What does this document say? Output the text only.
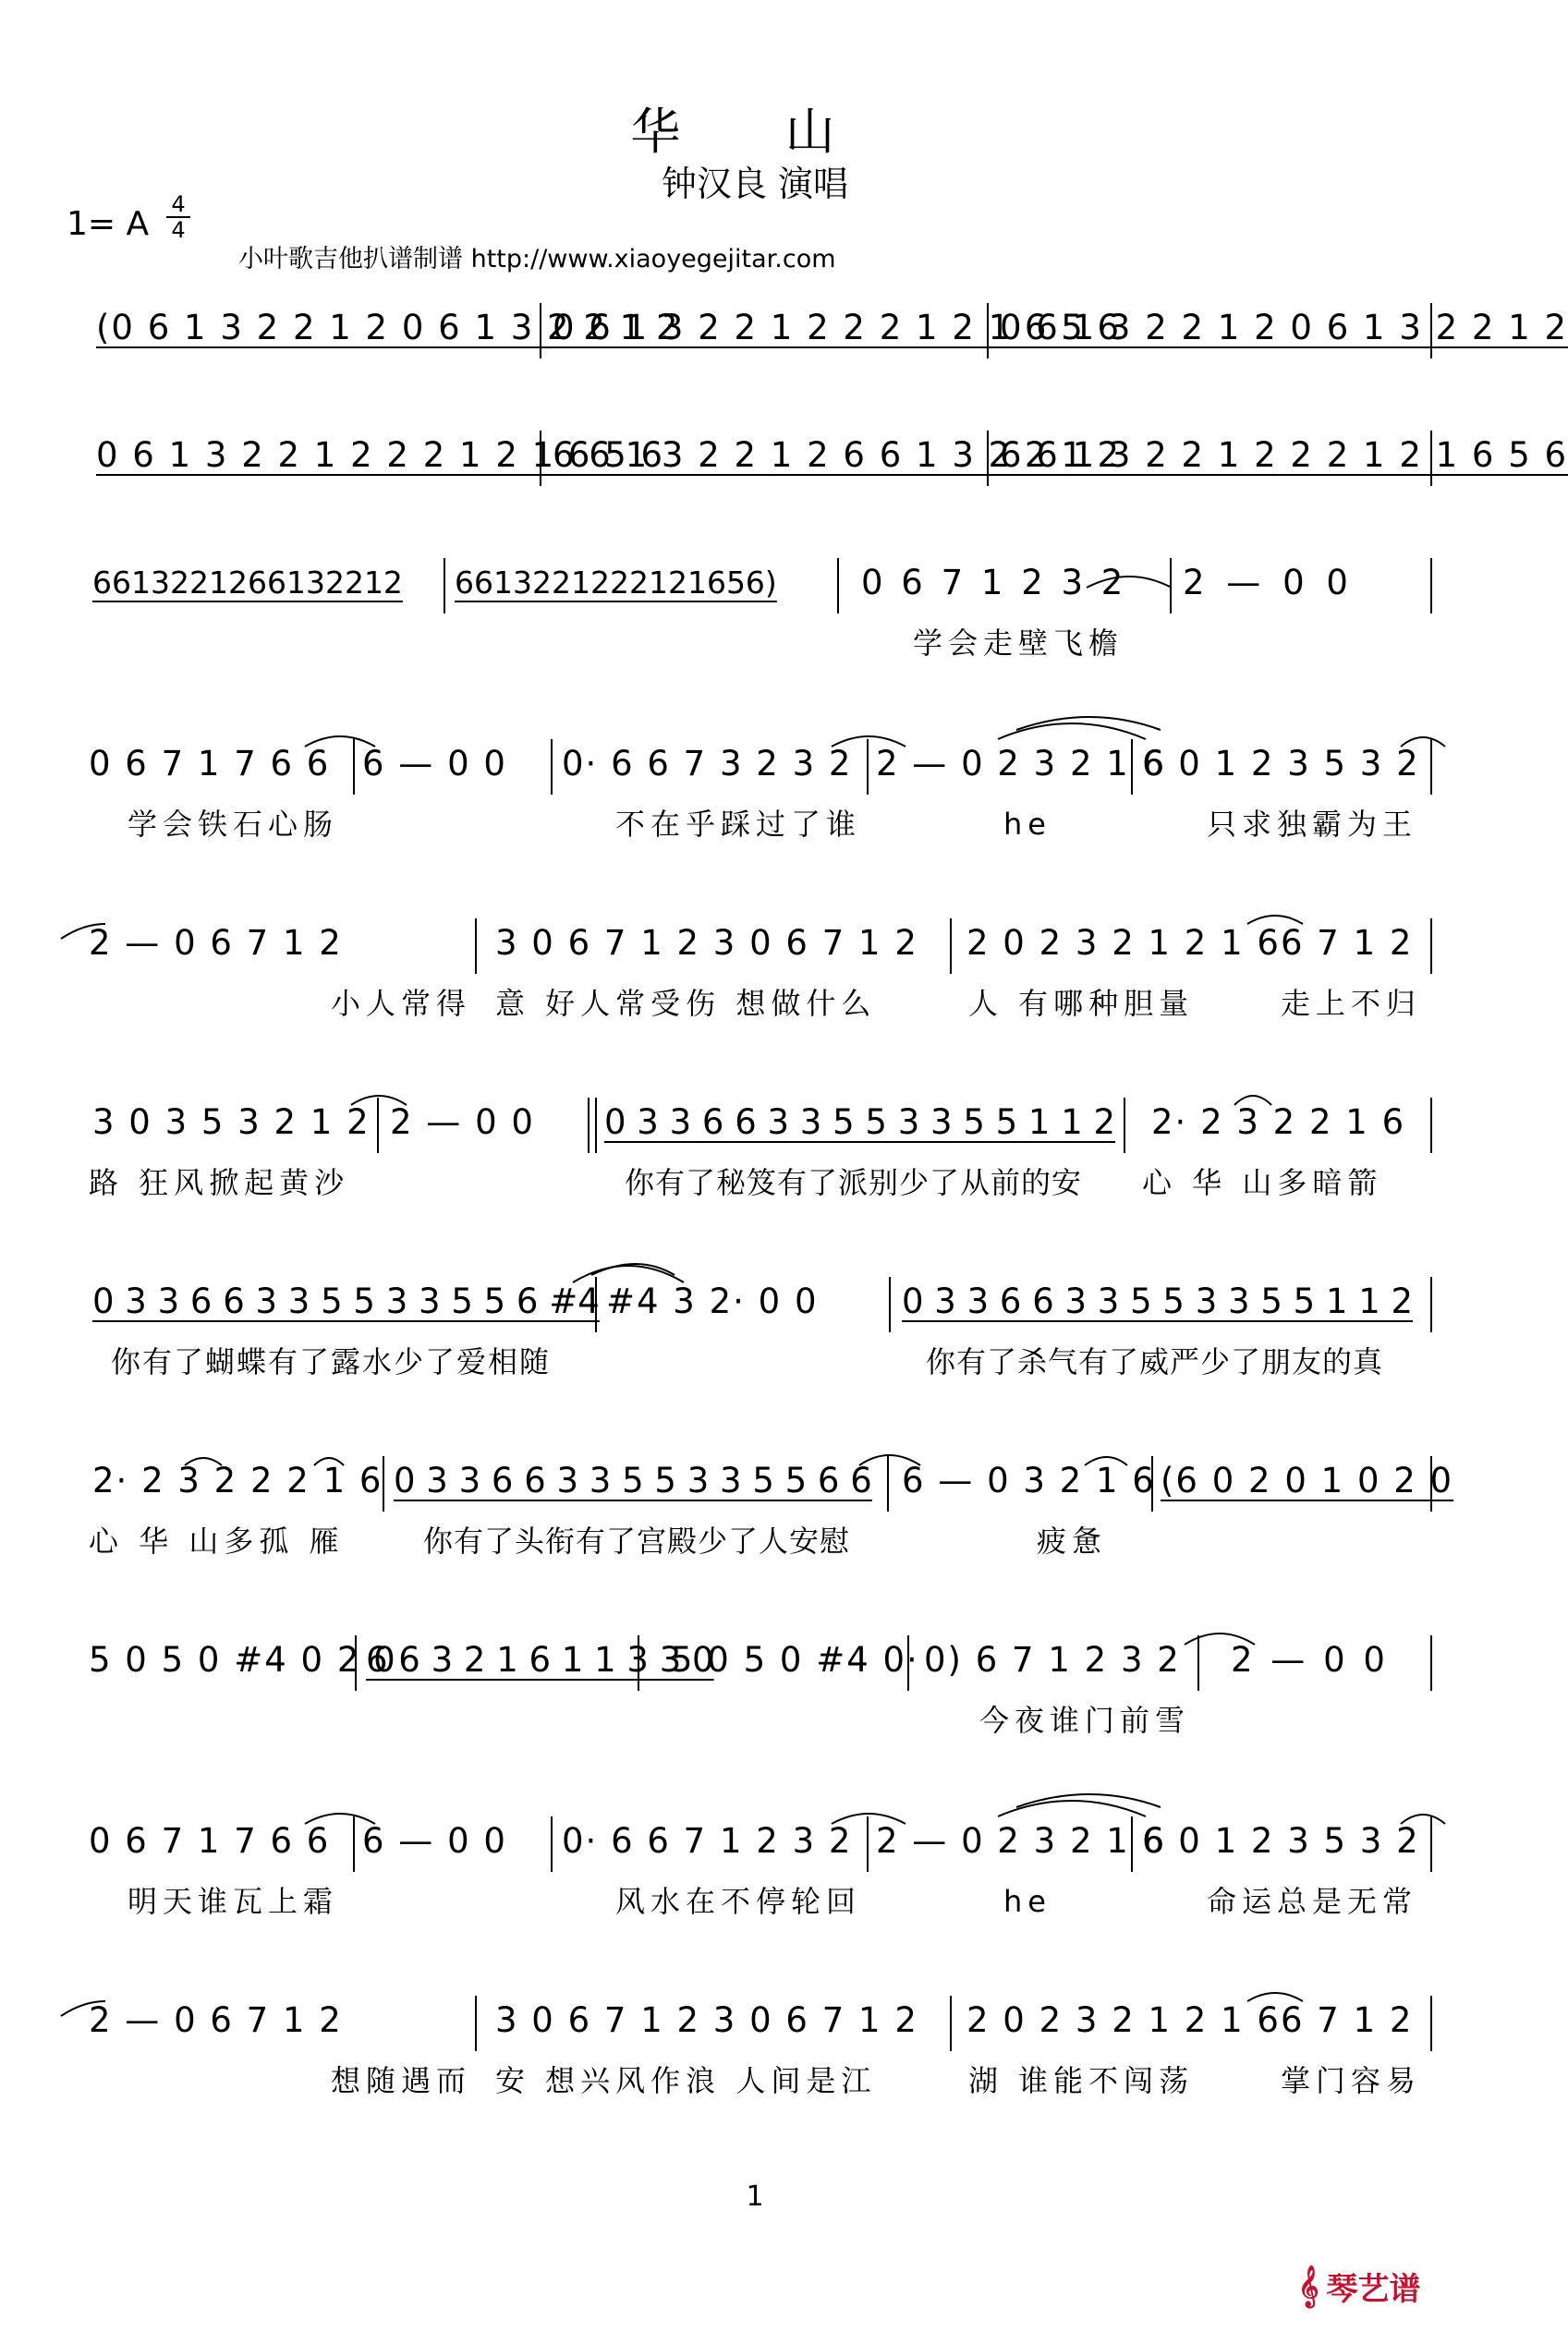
华 山
钟汉良 演唱
1= A
4
4
小叶歌吉他扒谱制谱 http://www.xiaoyegejitar.com
(0 6 1 3 2 2 1 2 0 6 1 3 2 2 1 2
0 6 1 3 2 2 1 2 2 2 1 2 1 6 5 6
0 6 1 3 2 2 1 2 0 6 1 3 2 2 1 2
0 6 1 3 2 2 1 2 2 2 1 2 1 6 5 6
6 6 1 3 2 2 1 2 6 6 1 3 2 2 1 2
6 6 1 3 2 2 1 2 2 2 1 2 1 6 5 6
6613221266132212 6613221222121656) 0 6 7 1 2 3 2 2 — 0 0
学会走壁飞檐
0 6 7 1 7 6 6 6 — 0 0 0· 6 6 7 3 2 3 2 2 — 0 2 3 2 1 6
6 0 1 2 3 5 3 2
学会铁石心肠	不在乎踩过了谁	he	只求独霸为王
2 — 0 6 7 1 2	3 0 6 7 1 2 3 0 6 7 1 2 2 0 2 3 2 1 2 1 6 6 7 1 2
小人常得 意 好人常受伤 想做什么	人 有哪种胆量	走上不归
3 0 3 5 3 2 1 2 2 — 0 0 0 3 3 6 6 3 3 5 5 3 3 5 5 1 1 2 2· 2 3 2 2 1 6
路 狂风掀起黄沙	你有了秘笈有了派别少了从前的安 心 华 山多暗箭
0 3 3 6 6 3 3 5 5 3 3 5 5 6 #4 #4 3 2· 0 0 0 3 3 6 6 3 3 5 5 3 3 5 5 1 1 2
你有了蝴蝶有了露水少了爱相随	你有了杀气有了威严少了朋友的真
2· 2 3 2 2 2 1 6 0 3 3 6 6 3 3 5 5 3 3 5 5 6 6 6 — 0 3 2 1 6 (6 0 2 0 1 0 2 0
心 华 山多孤 雁	你有了头衔有了宫殿少了人安慰	疲惫
5 0 5 0 #4 0 2 0
6 6 3 2 1 6 1 1 3 3 0
5 0 5 0 #4 0· 0) 6 7 1 2 3 2 2 — 0 0
今夜谁门前雪
0 6 7 1 7 6 6 6 — 0 0 0· 6 6 7 1 2 3 2 2 — 0 2 3 2 1 6
6 0 1 2 3 5 3 2
明天谁瓦上霜	风水在不停轮回	he	命运总是无常
2 — 0 6 7 1 2	3 0 6 7 1 2 3 0 6 7 1 2 2 0 2 3 2 1 2 1 6 6 7 1 2
想随遇而 安 想兴风作浪 人间是江	湖 谁能不闯荡	掌门容易
1
𝄞 琴艺谱
